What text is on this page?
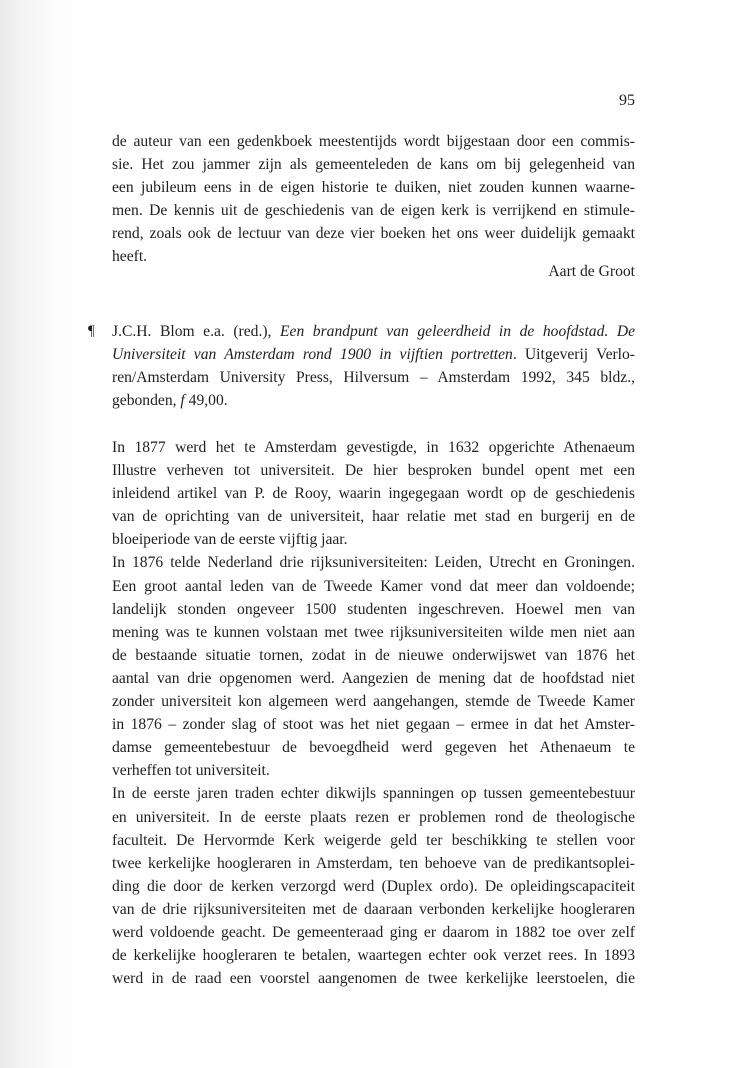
95
de auteur van een gedenkboek meestentijds wordt bijgestaan door een commis-
sie. Het zou jammer zijn als gemeenteleden de kans om bij gelegenheid van
een jubileum eens in de eigen historie te duiken, niet zouden kunnen waarne-
men. De kennis uit de geschiedenis van de eigen kerk is verrijkend en stimule-
rend, zoals ook de lectuur van deze vier boeken het ons weer duidelijk gemaakt
heeft.
Aart de Groot
¶ J.C.H. Blom e.a. (red.), Een brandpunt van geleerdheid in de hoofdstad. De
Universiteit van Amsterdam rond 1900 in vijftien portretten. Uitgeverij Verlo-
ren/Amsterdam University Press, Hilversum – Amsterdam 1992, 345 bldz.,
gebonden, f 49,00.
In 1877 werd het te Amsterdam gevestigde, in 1632 opgerichte Athenaeum
Illustre verheven tot universiteit. De hier besproken bundel opent met een
inleidend artikel van P. de Rooy, waarin ingegegaan wordt op de geschiedenis
van de oprichting van de universiteit, haar relatie met stad en burgerij en de
bloeiperiode van de eerste vijftig jaar.
In 1876 telde Nederland drie rijksuniversiteiten: Leiden, Utrecht en Groningen.
Een groot aantal leden van de Tweede Kamer vond dat meer dan voldoende;
landelijk stonden ongeveer 1500 studenten ingeschreven. Hoewel men van
mening was te kunnen volstaan met twee rijksuniversiteiten wilde men niet aan
de bestaande situatie tornen, zodat in de nieuwe onderwijswet van 1876 het
aantal van drie opgenomen werd. Aangezien de mening dat de hoofdstad niet
zonder universiteit kon algemeen werd aangehangen, stemde de Tweede Kamer
in 1876 – zonder slag of stoot was het niet gegaan – ermee in dat het Amster-
damse gemeentebestuur de bevoegdheid werd gegeven het Athenaeum te
verheffen tot universiteit.
In de eerste jaren traden echter dikwijls spanningen op tussen gemeentebestuur
en universiteit. In de eerste plaats rezen er problemen rond de theologische
faculteit. De Hervormde Kerk weigerde geld ter beschikking te stellen voor
twee kerkelijke hoogleraren in Amsterdam, ten behoeve van de predikantsoplei-
ding die door de kerken verzorgd werd (Duplex ordo). De opleidingscapaciteit
van de drie rijksuniversiteiten met de daaraan verbonden kerkelijke hoogleraren
werd voldoende geacht. De gemeenteraad ging er daarom in 1882 toe over zelf
de kerkelijke hoogleraren te betalen, waartegen echter ook verzet rees. In 1893
werd in de raad een voorstel aangenomen de twee kerkelijke leerstoelen, die
